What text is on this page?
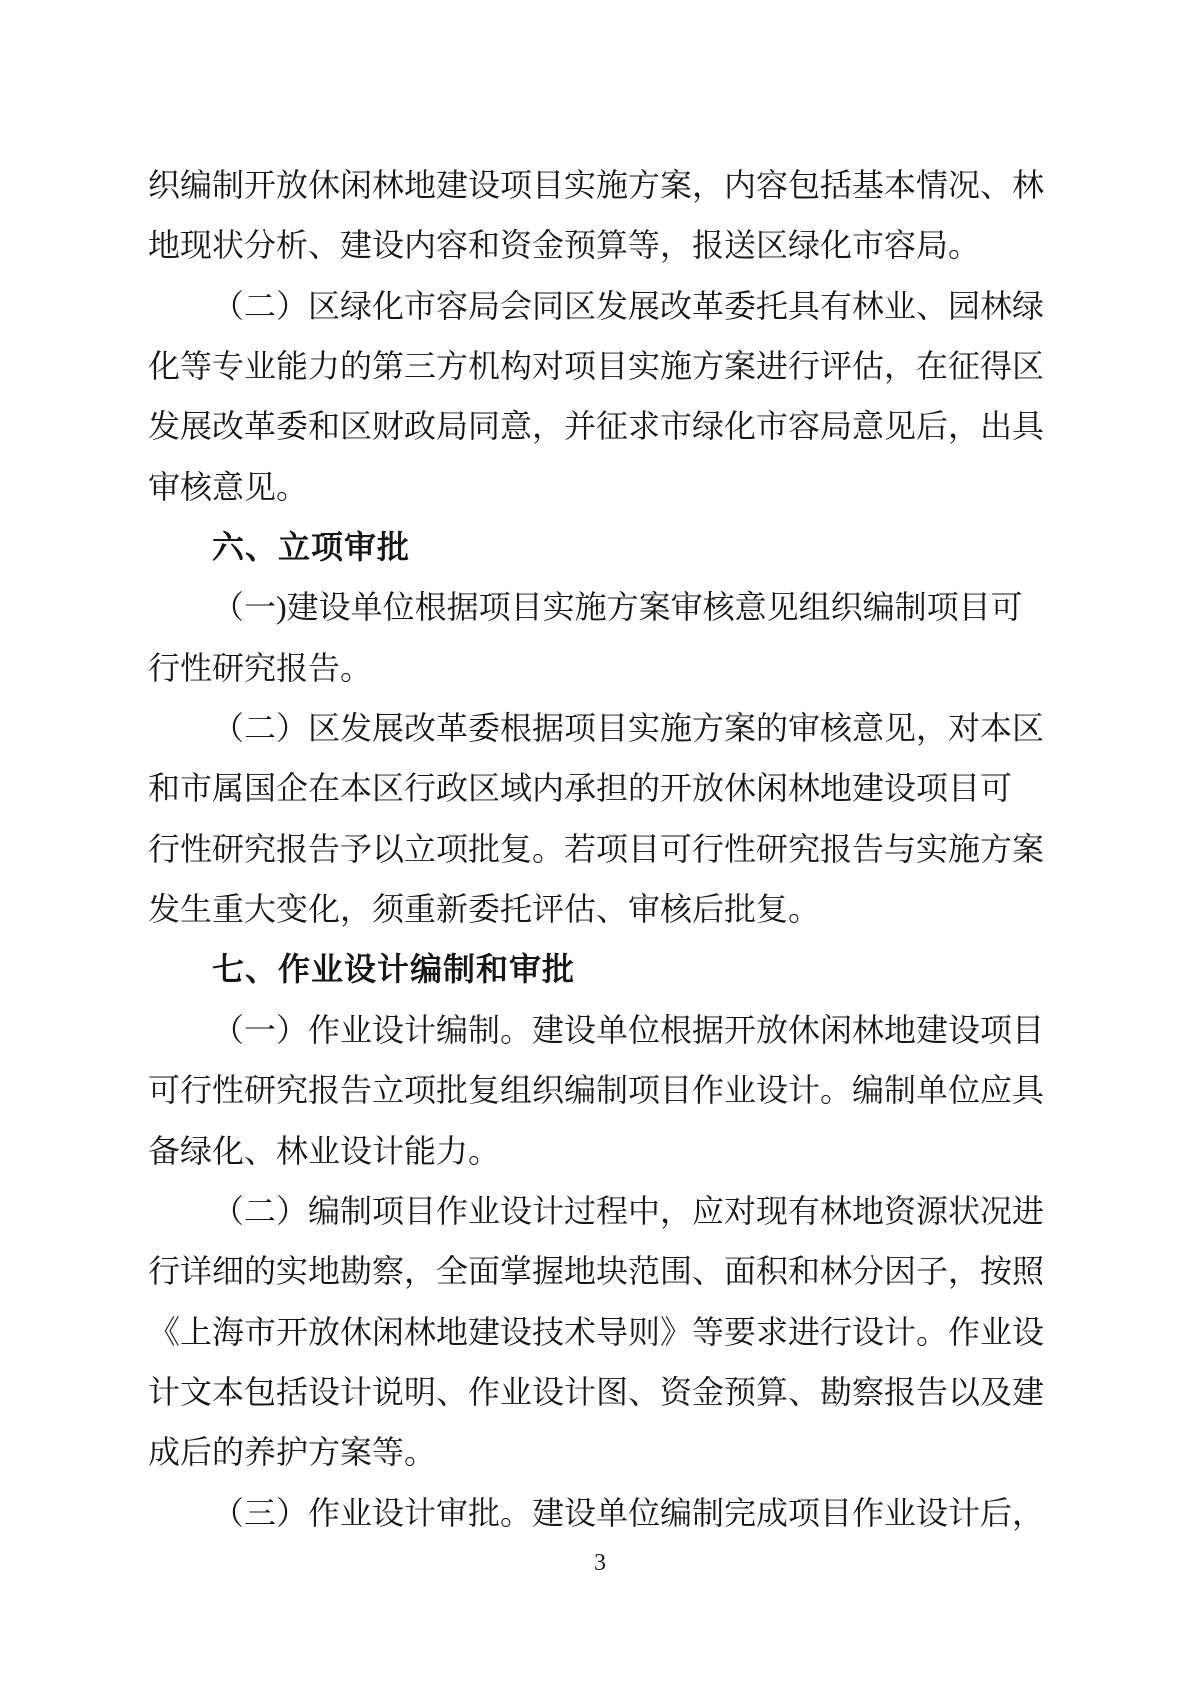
织编制开放休闲林地建设项目实施方案，内容包括基本情况、林
地现状分析、建设内容和资金预算等，报送区绿化市容局。
（二）区绿化市容局会同区发展改革委托具有林业、园林绿
化等专业能力的第三方机构对项目实施方案进行评估，在征得区
发展改革委和区财政局同意，并征求市绿化市容局意见后，出具
审核意见。
六、立项审批
（一)建设单位根据项目实施方案审核意见组织编制项目可
行性研究报告。
（二）区发展改革委根据项目实施方案的审核意见，对本区
和市属国企在本区行政区域内承担的开放休闲林地建设项目可
行性研究报告予以立项批复。若项目可行性研究报告与实施方案
发生重大变化，须重新委托评估、审核后批复。
七、作业设计编制和审批
（一）作业设计编制。建设单位根据开放休闲林地建设项目
可行性研究报告立项批复组织编制项目作业设计。编制单位应具
备绿化、林业设计能力。
（二）编制项目作业设计过程中，应对现有林地资源状况进
行详细的实地勘察，全面掌握地块范围、面积和林分因子，按照
《上海市开放休闲林地建设技术导则》等要求进行设计。作业设
计文本包括设计说明、作业设计图、资金预算、勘察报告以及建
成后的养护方案等。
（三）作业设计审批。建设单位编制完成项目作业设计后，
3
